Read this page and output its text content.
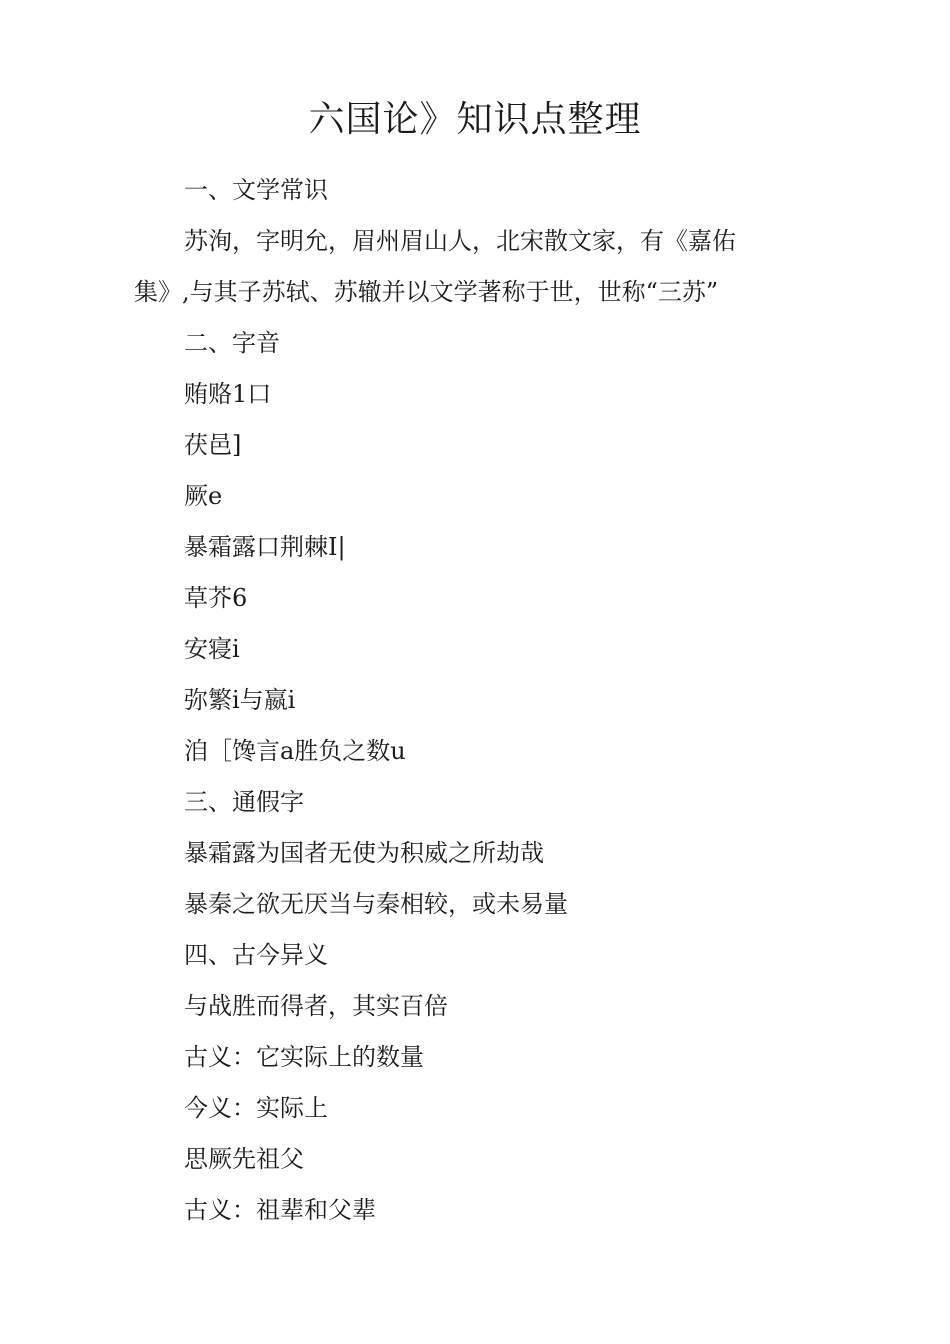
六国论》知识点整理
一、文学常识
苏洵，字明允，眉州眉山人，北宋散文家，有《嘉佑
集》,与其子苏轼、苏辙并以文学著称于世，世称“三苏”
二、字音
贿赂1口
茯邑]
厥e
暴霜露口荆棘I|
草芥6
安寝i
弥繁i与嬴i
洎［馋言a胜负之数u
三、通假字
暴霜露为国者无使为积威之所劫哉
暴秦之欲无厌当与秦相较，或未易量
四、古今异义
与战胜而得者，其实百倍
古义：它实际上的数量
今义：实际上
思厥先祖父
古义：祖辈和父辈
